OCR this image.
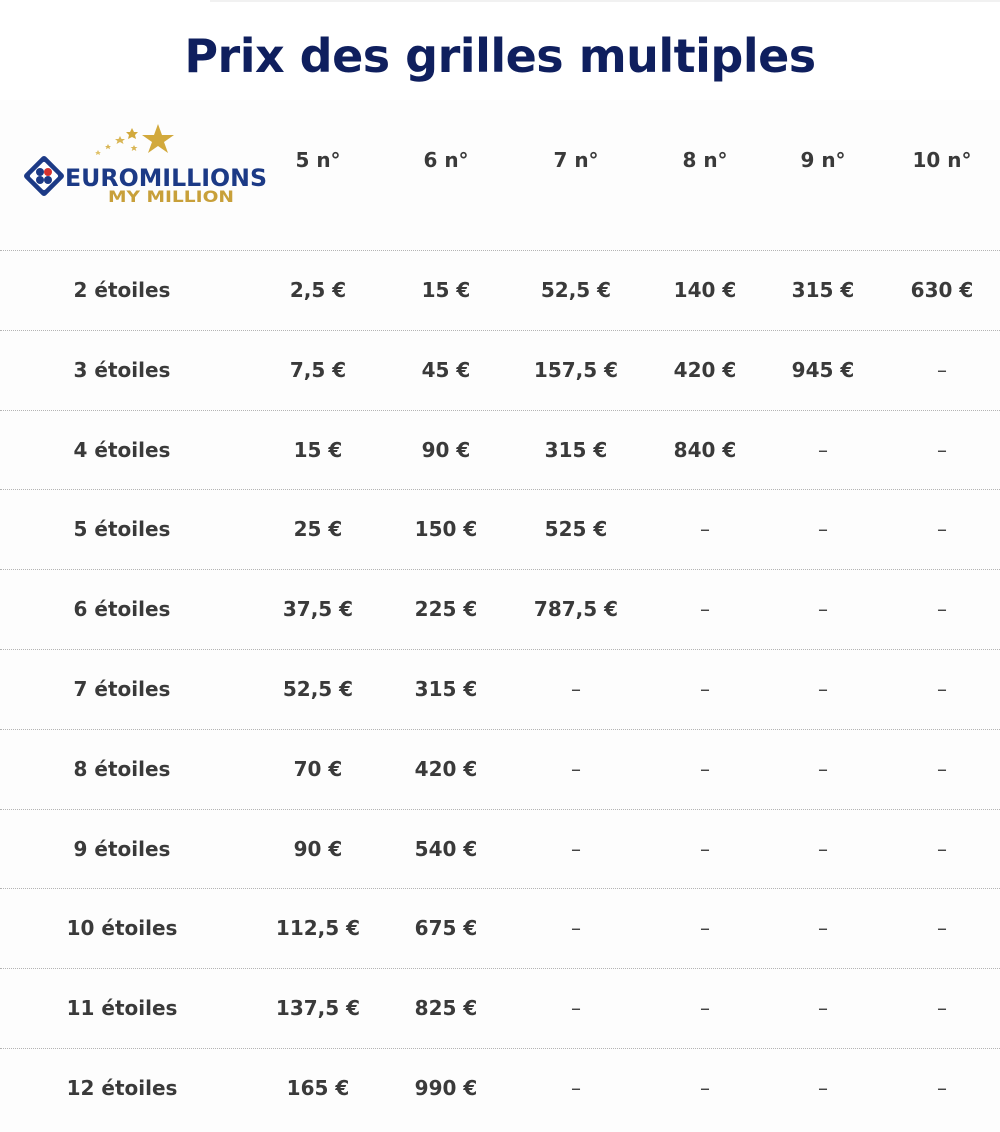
Prix des grilles multiples
EUROMILLIONS
MY MILLION
5 n°	6 n°	7 n°	8 n°	9 n°	10 n°
2 étoiles	2,5 €	15 €	52,5 €	140 €	315 €	630 €
3 étoiles	7,5 €	45 €	157,5 €	420 €	945 €	–
4 étoiles	15 €	90 €	315 €	840 €	–	–
5 étoiles	25 €	150 €	525 €	–	–	–
6 étoiles	37,5 €	225 €	787,5 €	–	–	–
7 étoiles	52,5 €	315 €	–	–	–	–
8 étoiles	70 €	420 €	–	–	–	–
9 étoiles	90 €	540 €	–	–	–	–
10 étoiles	112,5 €	675 €	–	–	–	–
11 étoiles	137,5 €	825 €	–	–	–	–
12 étoiles	165 €	990 €	–	–	–	–
